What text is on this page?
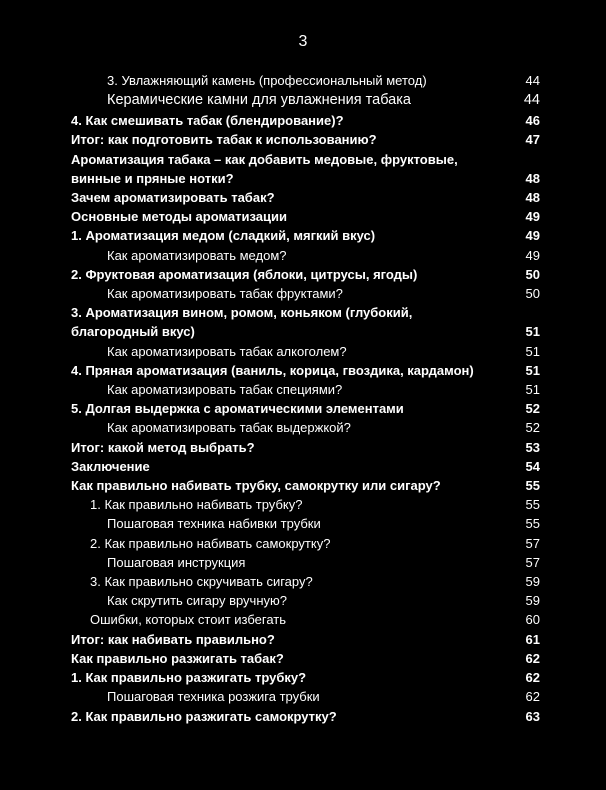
3
3. Увлажняющий камень (профессиональный метод)	44
Керамические камни для увлажнения табака	44
4. Как смешивать табак (блендирование)?	46
Итог: как подготовить табак к использованию?	47
Ароматизация табака – как добавить медовые, фруктовые, винные и пряные нотки?	48
Зачем ароматизировать табак?	48
Основные методы ароматизации	49
1. Ароматизация медом (сладкий, мягкий вкус)	49
Как ароматизировать медом?	49
2. Фруктовая ароматизация (яблоки, цитрусы, ягоды)	50
Как ароматизировать табак фруктами?	50
3. Ароматизация вином, ромом, коньяком (глубокий, благородный вкус)	51
Как ароматизировать табак алкоголем?	51
4. Пряная ароматизация (ваниль, корица, гвоздика, кардамон)	51
Как ароматизировать табак специями?	51
5. Долгая выдержка с ароматическими элементами	52
Как ароматизировать табак выдержкой?	52
Итог: какой метод выбрать?	53
Заключение	54
Как правильно набивать трубку, самокрутку или сигару?	55
1. Как правильно набивать трубку?	55
Пошаговая техника набивки трубки	55
2. Как правильно набивать самокрутку?	57
Пошаговая инструкция	57
3. Как правильно скручивать сигару?	59
Как скрутить сигару вручную?	59
Ошибки, которых стоит избегать	60
Итог: как набивать правильно?	61
Как правильно разжигать табак?	62
1. Как правильно разжигать трубку?	62
Пошаговая техника розжига трубки	62
2. Как правильно разжигать самокрутку?	63
